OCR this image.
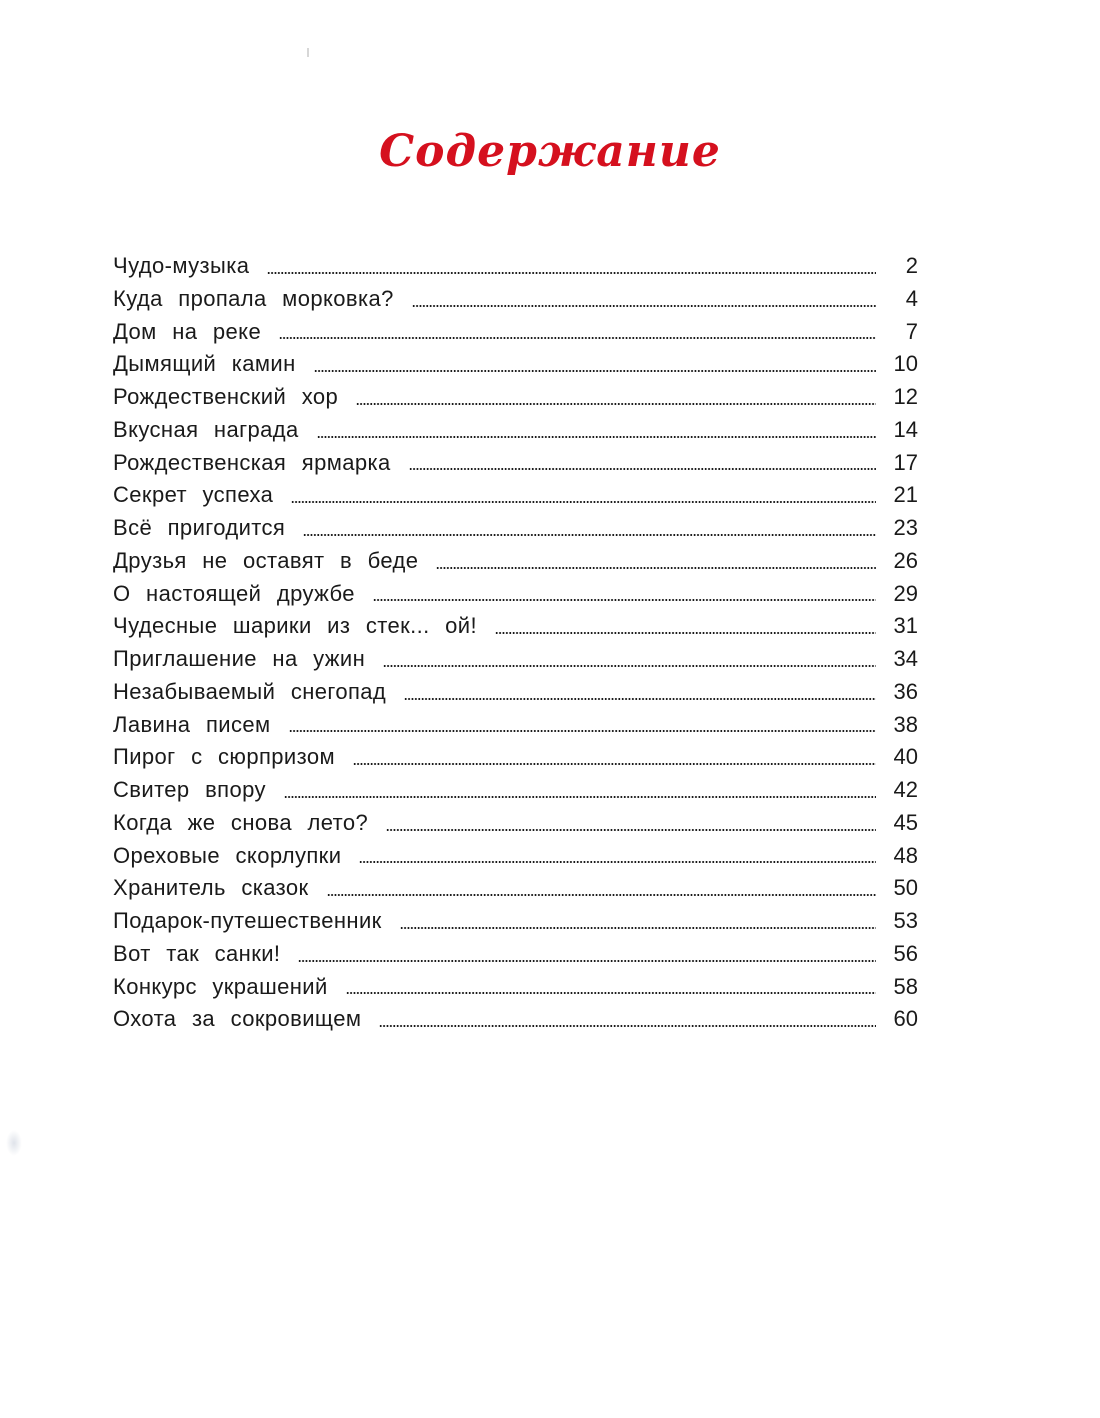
Содержание
Чудо-музыка	2
Куда пропала морковка?	4
Дом на реке	7
Дымящий камин	10
Рождественский хор	12
Вкусная награда	14
Рождественская ярмарка	17
Секрет успеха	21
Всё пригодится	23
Друзья не оставят в беде	26
О настоящей дружбе	29
Чудесные шарики из стек... ой!	31
Приглашение на ужин	34
Незабываемый снегопад	36
Лавина писем	38
Пирог с сюрпризом	40
Свитер впору	42
Когда же снова лето?	45
Ореховые скорлупки	48
Хранитель сказок	50
Подарок-путешественник	53
Вот так санки!	56
Конкурс украшений	58
Охота за сокровищем	60
